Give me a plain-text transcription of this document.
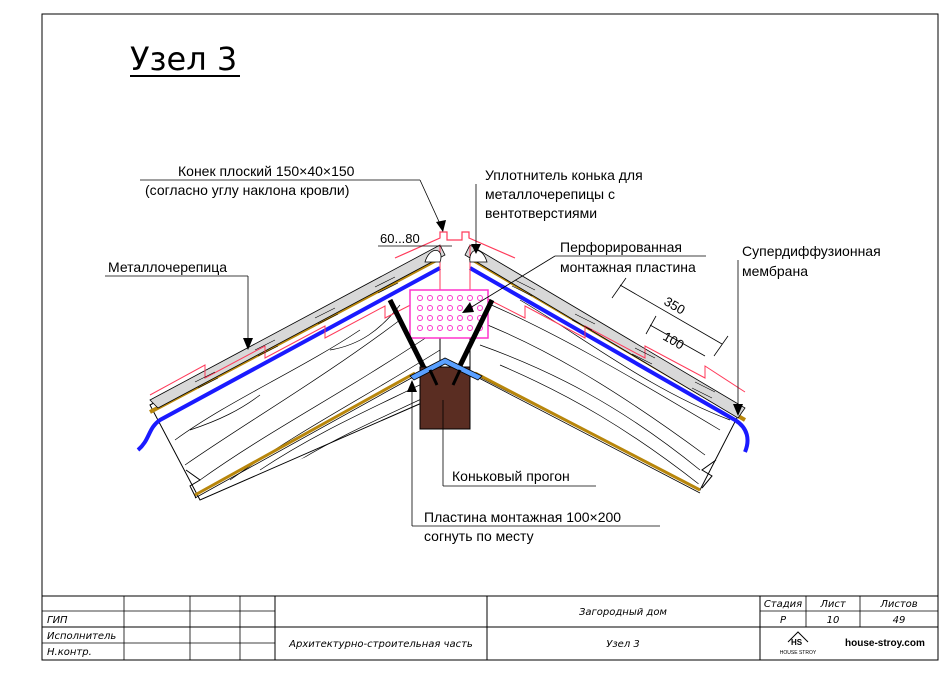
Узел 3
60...80
350
100
Конек плоский 150×40×150
(согласно углу наклона кровли)
Уплотнитель конька для
металлочерепицы с
вентотверстиями
Перфорированная
монтажная пластина
Супердиффузионная
мембрана
Металлочерепица
Коньковый прогон
Пластина монтажная 100×200
согнуть по месту
ГИП
Исполнитель
Н.контр.
Загородный дом
Архитектурно-строительная часть	Узел 3
Стадия Лист	Листов
Р	10	49
HS
HOUSE STROY
house-stroy.com
